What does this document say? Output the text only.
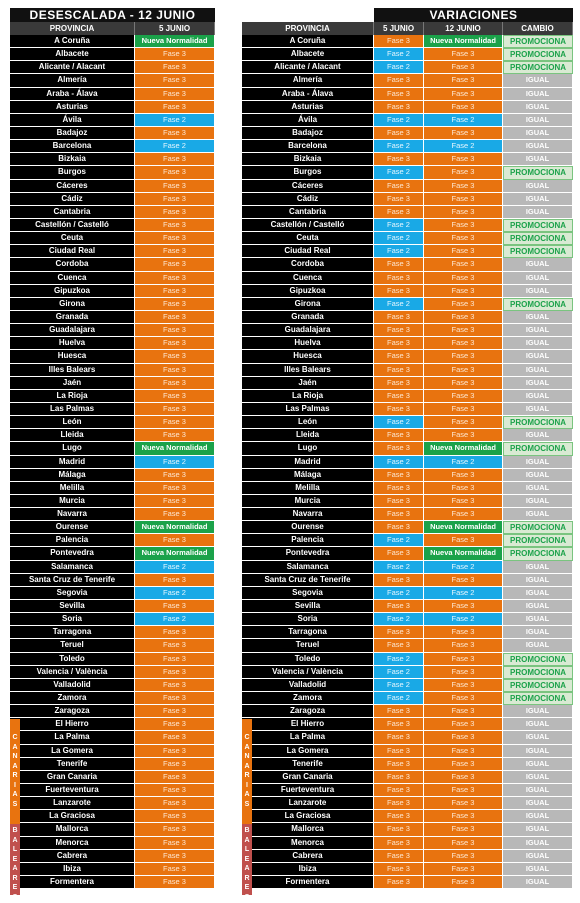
DESESCALADA - 12 JUNIO
PROVINCIA	5 JUNIO
A Coruña	Nueva Normalidad
Albacete	Fase 3
Alicante / Alacant	Fase 3
Almería	Fase 3
Araba - Álava	Fase 3
Asturias	Fase 3
Ávila	Fase 2
Badajoz	Fase 3
Barcelona	Fase 2
Bizkaia	Fase 3
Burgos	Fase 3
Cáceres	Fase 3
Cádiz	Fase 3
Cantabria	Fase 3
Castellón / Castelló	Fase 3
Ceuta	Fase 3
Ciudad Real	Fase 3
Cordoba	Fase 3
Cuenca	Fase 3
Gipuzkoa	Fase 3
Girona	Fase 3
Granada	Fase 3
Guadalajara	Fase 3
Huelva	Fase 3
Huesca	Fase 3
Illes Balears	Fase 3
Jaén	Fase 3
La Rioja	Fase 3
Las Palmas	Fase 3
León	Fase 3
Lleida	Fase 3
Lugo	Nueva Normalidad
Madrid	Fase 2
Málaga	Fase 3
Melilla	Fase 3
Murcia	Fase 3
Navarra	Fase 3
Ourense	Nueva Normalidad
Palencia	Fase 3
Pontevedra	Nueva Normalidad
Salamanca	Fase 2
Santa Cruz de Tenerife	Fase 3
Segovia	Fase 2
Sevilla	Fase 3
Soria	Fase 2
Tarragona	Fase 3
Teruel	Fase 3
Toledo	Fase 3
Valencia / València	Fase 3
Valladolid	Fase 3
Zamora	Fase 3
Zaragoza	Fase 3
El Hierro	Fase 3
La Palma	Fase 3
La Gomera	Fase 3
Tenerife	Fase 3
Gran Canaria	Fase 3
Fuerteventura	Fase 3
Lanzarote	Fase 3
La Graciosa	Fase 3
Mallorca	Fase 3
Menorca	Fase 3
Cabrera	Fase 3
Ibiza	Fase 3
Formentera	Fase 3
VARIACIONES
PROVINCIA	5 JUNIO	12 JUNIO	CAMBIO
A Coruña	Fase 3	Nueva Normalidad	PROMOCIONA
Albacete	Fase 2	Fase 3	PROMOCIONA
Alicante / Alacant	Fase 2	Fase 3	PROMOCIONA
Almería	Fase 3	Fase 3	IGUAL
Araba - Álava	Fase 3	Fase 3	IGUAL
Asturias	Fase 3	Fase 3	IGUAL
Ávila	Fase 2	Fase 2	IGUAL
Badajoz	Fase 3	Fase 3	IGUAL
Barcelona	Fase 2	Fase 2	IGUAL
Bizkaia	Fase 3	Fase 3	IGUAL
Burgos	Fase 2	Fase 3	PROMOCIONA
Cáceres	Fase 3	Fase 3	IGUAL
Cádiz	Fase 3	Fase 3	IGUAL
Cantabria	Fase 3	Fase 3	IGUAL
Castellón / Castelló	Fase 2	Fase 3	PROMOCIONA
Ceuta	Fase 2	Fase 3	PROMOCIONA
Ciudad Real	Fase 2	Fase 3	PROMOCIONA
Cordoba	Fase 3	Fase 3	IGUAL
Cuenca	Fase 3	Fase 3	IGUAL
Gipuzkoa	Fase 3	Fase 3	IGUAL
Girona	Fase 2	Fase 3	PROMOCIONA
Granada	Fase 3	Fase 3	IGUAL
Guadalajara	Fase 3	Fase 3	IGUAL
Huelva	Fase 3	Fase 3	IGUAL
Huesca	Fase 3	Fase 3	IGUAL
Illes Balears	Fase 3	Fase 3	IGUAL
Jaén	Fase 3	Fase 3	IGUAL
La Rioja	Fase 3	Fase 3	IGUAL
Las Palmas	Fase 3	Fase 3	IGUAL
León	Fase 2	Fase 3	PROMOCIONA
Lleida	Fase 3	Fase 3	IGUAL
Lugo	Fase 3	Nueva Normalidad	PROMOCIONA
Madrid	Fase 2	Fase 2	IGUAL
Málaga	Fase 3	Fase 3	IGUAL
Melilla	Fase 3	Fase 3	IGUAL
Murcia	Fase 3	Fase 3	IGUAL
Navarra	Fase 3	Fase 3	IGUAL
Ourense	Fase 3	Nueva Normalidad	PROMOCIONA
Palencia	Fase 2	Fase 3	PROMOCIONA
Pontevedra	Fase 3	Nueva Normalidad	PROMOCIONA
Salamanca	Fase 2	Fase 2	IGUAL
Santa Cruz de Tenerife	Fase 3	Fase 3	IGUAL
Segovia	Fase 2	Fase 2	IGUAL
Sevilla	Fase 3	Fase 3	IGUAL
Soria	Fase 2	Fase 2	IGUAL
Tarragona	Fase 3	Fase 3	IGUAL
Teruel	Fase 3	Fase 3	IGUAL
Toledo	Fase 2	Fase 3	PROMOCIONA
Valencia / València	Fase 2	Fase 3	PROMOCIONA
Valladolid	Fase 2	Fase 3	PROMOCIONA
Zamora	Fase 2	Fase 3	PROMOCIONA
Zaragoza	Fase 3	Fase 3	IGUAL
El Hierro	Fase 3	Fase 3	IGUAL
La Palma	Fase 3	Fase 3	IGUAL
La Gomera	Fase 3	Fase 3	IGUAL
Tenerife	Fase 3	Fase 3	IGUAL
Gran Canaria	Fase 3	Fase 3	IGUAL
Fuerteventura	Fase 3	Fase 3	IGUAL
Lanzarote	Fase 3	Fase 3	IGUAL
La Graciosa	Fase 3	Fase 3	IGUAL
Mallorca	Fase 3	Fase 3	IGUAL
Menorca	Fase 3	Fase 3	IGUAL
Cabrera	Fase 3	Fase 3	IGUAL
Ibiza	Fase 3	Fase 3	IGUAL
Formentera	Fase 3	Fase 3	IGUAL
C
A
N
A
R
I
A
S
B
A
L
E
A
R
E
S
C
A
N
A
R
I
A
S
B
A
L
E
A
R
E
S
